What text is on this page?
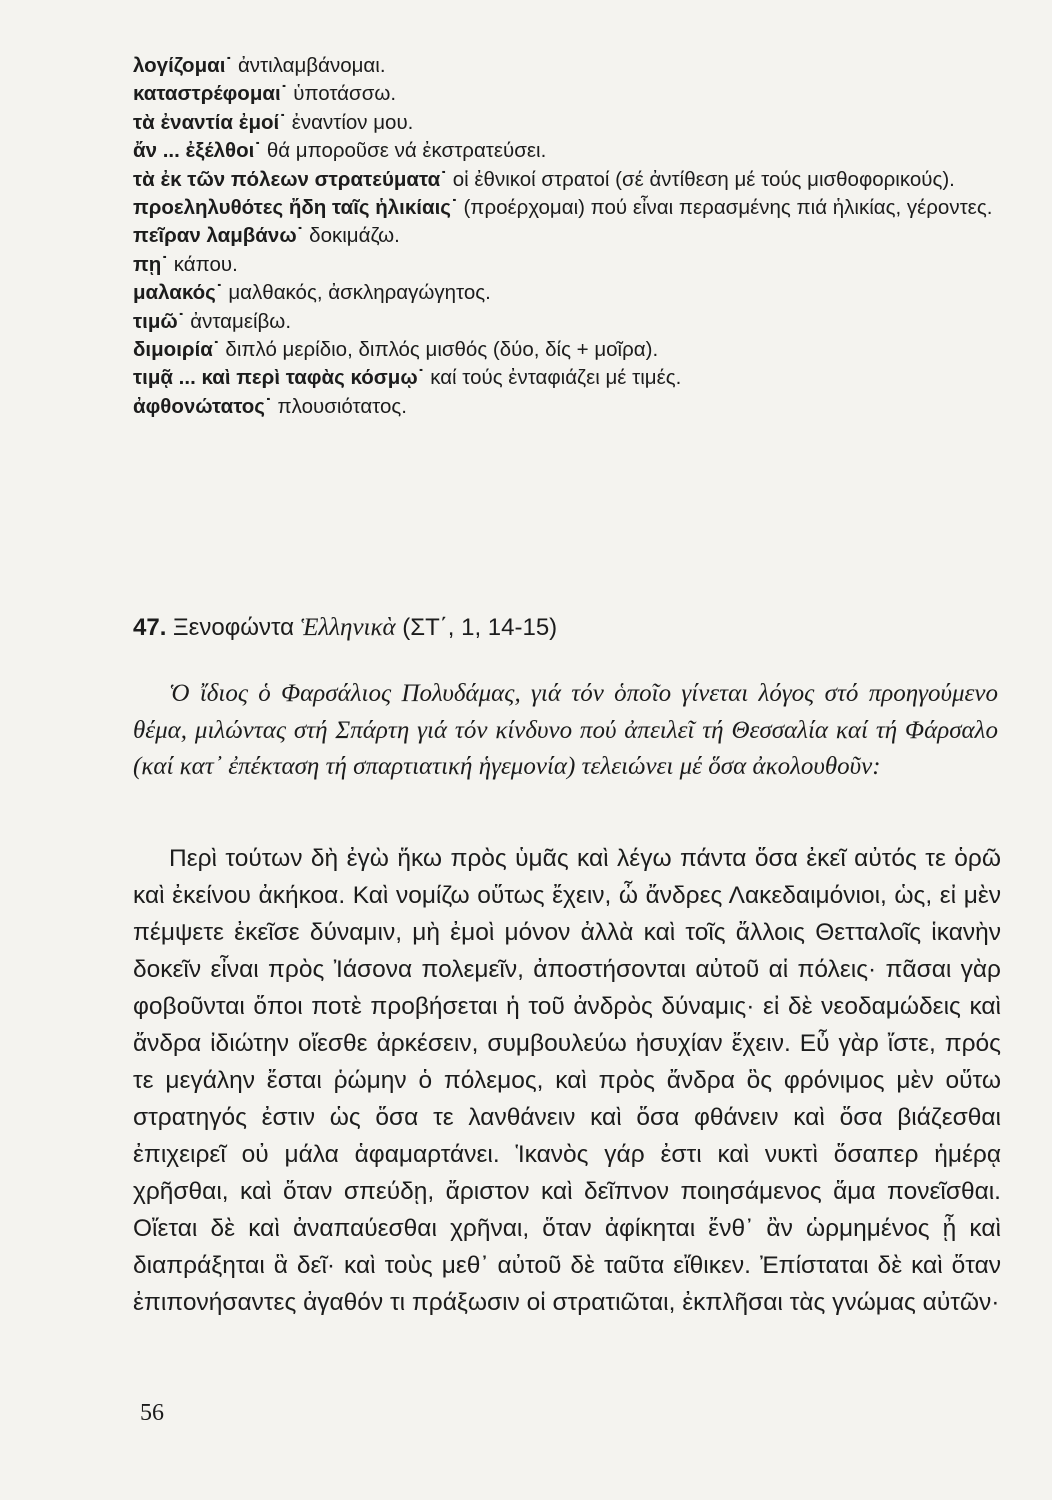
λογίζομαι˙ ἀντιλαμβάνομαι.
καταστρέφομαι˙ ὑποτάσσω.
τὰ ἐναντία ἐμοί˙ ἐναντίον μου.
ἄν ... ἐξέλθοι˙ θά μποροῦσε νά ἐκστρατεύσει.
τὰ ἐκ τῶν πόλεων στρατεύματα˙ οἱ ἐθνικοί στρατοί (σέ ἀντίθεση μέ τούς μισθοφορικούς).
προεληλυθότες ἤδη ταῖς ἡλικίαις˙ (προέρχομαι) πού εἶναι περασμένης πιά ἡλικίας, γέροντες.
πεῖραν λαμβάνω˙ δοκιμάζω.
πῃ˙ κάπου.
μαλακός˙ μαλθακός, ἀσκληραγώγητος.
τιμῶ˙ ἀνταμείβω.
διμοιρία˙ διπλό μερίδιο, διπλός μισθός (δύο, δίς + μοῖρα).
τιμᾷ ... καὶ περὶ ταφὰς κόσμῳ˙ καί τούς ἐνταφιάζει μέ τιμές.
ἀφθονώτατος˙ πλουσιότατος.
47. Ξενοφώντα Ἑλληνικὰ (ΣΤ΄, 1, 14-15)

Ὁ ἴδιος ὁ Φαρσάλιος Πολυδάμας, γιά τόν ὁποῖο γίνεται λόγος στό προηγούμενο θέμα, μιλώντας στή Σπάρτη γιά τόν κίνδυνο πού ἀπειλεῖ τή Θεσσαλία καί τή Φάρσαλο (καί κατ᾽ ἐπέκταση τή σπαρτιατική ἡγεμονία) τελειώνει μέ ὅσα ἀκολουθοῦν:

Περὶ τούτων δὴ ἐγὼ ἥκω πρὸς ὑμᾶς καὶ λέγω πάντα ὅσα ἐκεῖ αὐτός τε ὁρῶ καὶ ἐκείνου ἀκήκοα. Καὶ νομίζω οὕτως ἔχειν, ὦ ἄνδρες Λακεδαιμόνιοι, ὡς, εἰ μὲν πέμψετε ἐκεῖσε δύναμιν, μὴ ἐμοὶ μόνον ἀλλὰ καὶ τοῖς ἄλλοις Θετταλοῖς ἱκανὴν δοκεῖν εἶναι πρὸς Ἰάσονα πολεμεῖν, ἀποστήσονται αὐτοῦ αἱ πόλεις· πᾶσαι γὰρ φοβοῦνται ὅποι ποτὲ προβήσεται ἡ τοῦ ἀνδρὸς δύναμις· εἰ δὲ νεοδαμώδεις καὶ ἄνδρα ἰδιώτην οἴεσθε ἀρκέσειν, συμβουλεύω ἡσυχίαν ἔχειν. Εὖ γὰρ ἴστε, πρός τε μεγάλην ἔσται ῥώμην ὁ πόλεμος, καὶ πρὸς ἄνδρα ὃς φρόνιμος μὲν οὕτω στρατηγός ἐστιν ὡς ὅσα τε λανθάνειν καὶ ὅσα φθάνειν καὶ ὅσα βιάζεσθαι ἐπιχειρεῖ οὐ μάλα ἁφαμαρτάνει. Ἱκανὸς γάρ ἐστι καὶ νυκτὶ ὅσαπερ ἡμέρᾳ χρῆσθαι, καὶ ὅταν σπεύδῃ, ἄριστον καὶ δεῖπνον ποιησάμενος ἅμα πονεῖσθαι. Οἴεται δὲ καὶ ἀναπαύεσθαι χρῆναι, ὅταν ἀφίκηται ἔνθ᾽ ἂν ὡρμημένος ᾖ καὶ διαπράξηται ἃ δεῖ· καὶ τοὺς μεθ᾽ αὐτοῦ δὲ ταῦτα εἴθικεν. Ἐπίσταται δὲ καὶ ὅταν ἐπιπονήσαντες ἀγαθόν τι πράξωσιν οἱ στρατιῶται, ἐκπλῆσαι τὰς γνώμας αὐτῶν·

56
